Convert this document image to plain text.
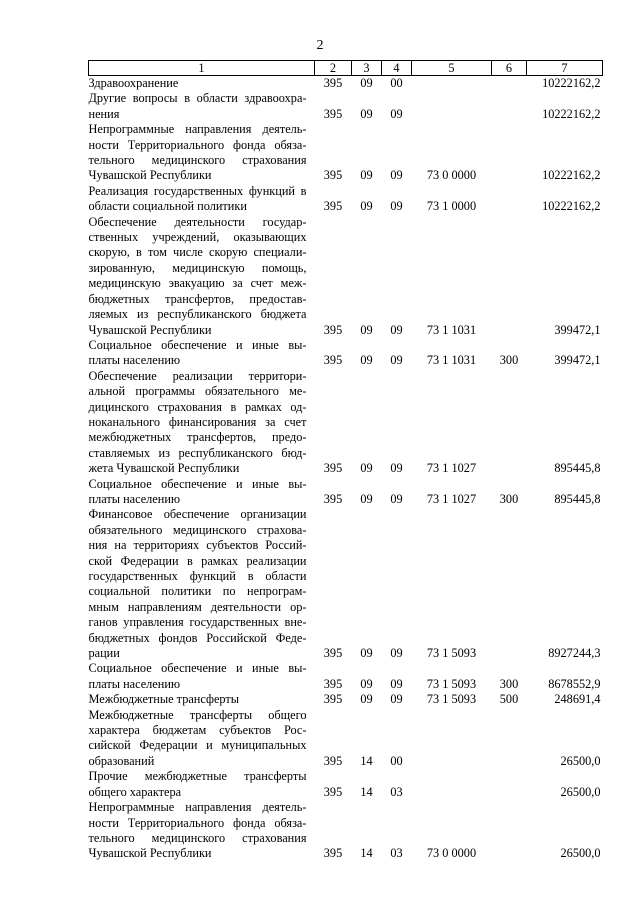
2
1	2	3	4	5	6	7
Здравоохранение	395	09	00			10222162,2
Другие вопросы в области здравоохра-нения	395	09	09			10222162,2
Непрограммные направления деятель-ности Территориального фонда обяза-тельного медицинского страхования Чувашской Республики	395	09	09	73 0 0000		10222162,2
Реализация государственных функций в области социальной политики	395	09	09	73 1 0000		10222162,2
Обеспечение деятельности государ-ственных учреждений, оказывающих скорую, в том числе скорую специали-зированную, медицинскую помощь, медицинскую эвакуацию за счет меж-бюджетных трансфертов, предостав-ляемых из республиканского бюджета Чувашской Республики	395	09	09	73 1 1031		399472,1
Социальное обеспечение и иные вы-платы населению	395	09	09	73 1 1031	300	399472,1
Обеспечение реализации территори-альной программы обязательного ме-дицинского страхования в рамках од-ноканального финансирования за счет межбюджетных трансфертов, предо-ставляемых из республиканского бюд-жета Чувашской Республики	395	09	09	73 1 1027		895445,8
Социальное обеспечение и иные вы-платы населению	395	09	09	73 1 1027	300	895445,8
Финансовое обеспечение организации обязательного медицинского страхова-ния на территориях субъектов Россий-ской Федерации в рамках реализации государственных функций в области социальной политики по непрограм-мным направлениям деятельности ор-ганов управления государственных вне-бюджетных фондов Российской Феде-рации	395	09	09	73 1 5093		8927244,3
Социальное обеспечение и иные вы-платы населению	395	09	09	73 1 5093	300	8678552,9
Межбюджетные трансферты	395	09	09	73 1 5093	500	248691,4
Межбюджетные трансферты общего характера бюджетам субъектов Рос-сийской Федерации и муниципальных образований	395	14	00			26500,0
Прочие межбюджетные трансферты общего характера	395	14	03			26500,0
Непрограммные направления деятель-ности Территориального фонда обяза-тельного медицинского страхования Чувашской Республики	395	14	03	73 0 0000		26500,0
